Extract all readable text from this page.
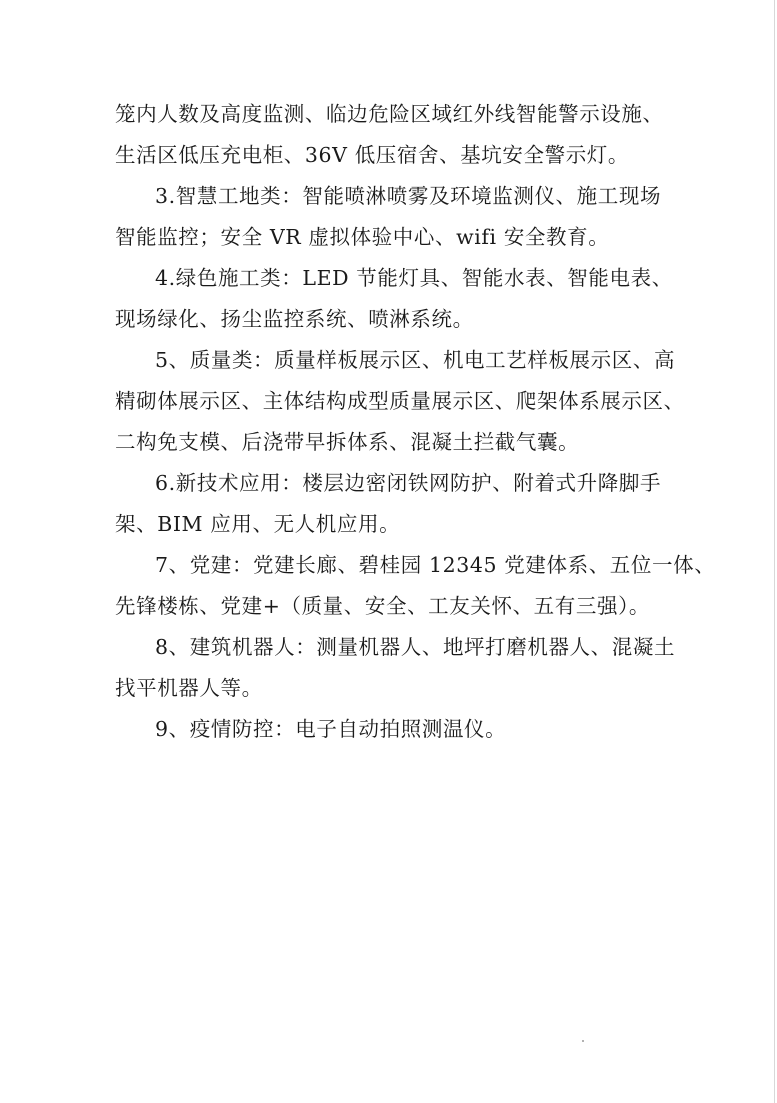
笼内人数及高度监测、临边危险区域红外线智能警示设施、
生活区低压充电柜、36V 低压宿舍、基坑安全警示灯。
3.智慧工地类：智能喷淋喷雾及环境监测仪、施工现场
智能监控；安全 VR 虚拟体验中心、wifi 安全教育。
4.绿色施工类：LED 节能灯具、智能水表、智能电表、
现场绿化、扬尘监控系统、喷淋系统。
5、质量类：质量样板展示区、机电工艺样板展示区、高
精砌体展示区、主体结构成型质量展示区、爬架体系展示区、
二构免支模、后浇带早拆体系、混凝土拦截气囊。
6.新技术应用：楼层边密闭铁网防护、附着式升降脚手
架、BIM 应用、无人机应用。
7、党建：党建长廊、碧桂园 12345 党建体系、五位一体、
先锋楼栋、党建+（质量、安全、工友关怀、五有三强）。
8、建筑机器人：测量机器人、地坪打磨机器人、混凝土
找平机器人等。
9、疫情防控：电子自动拍照测温仪。
